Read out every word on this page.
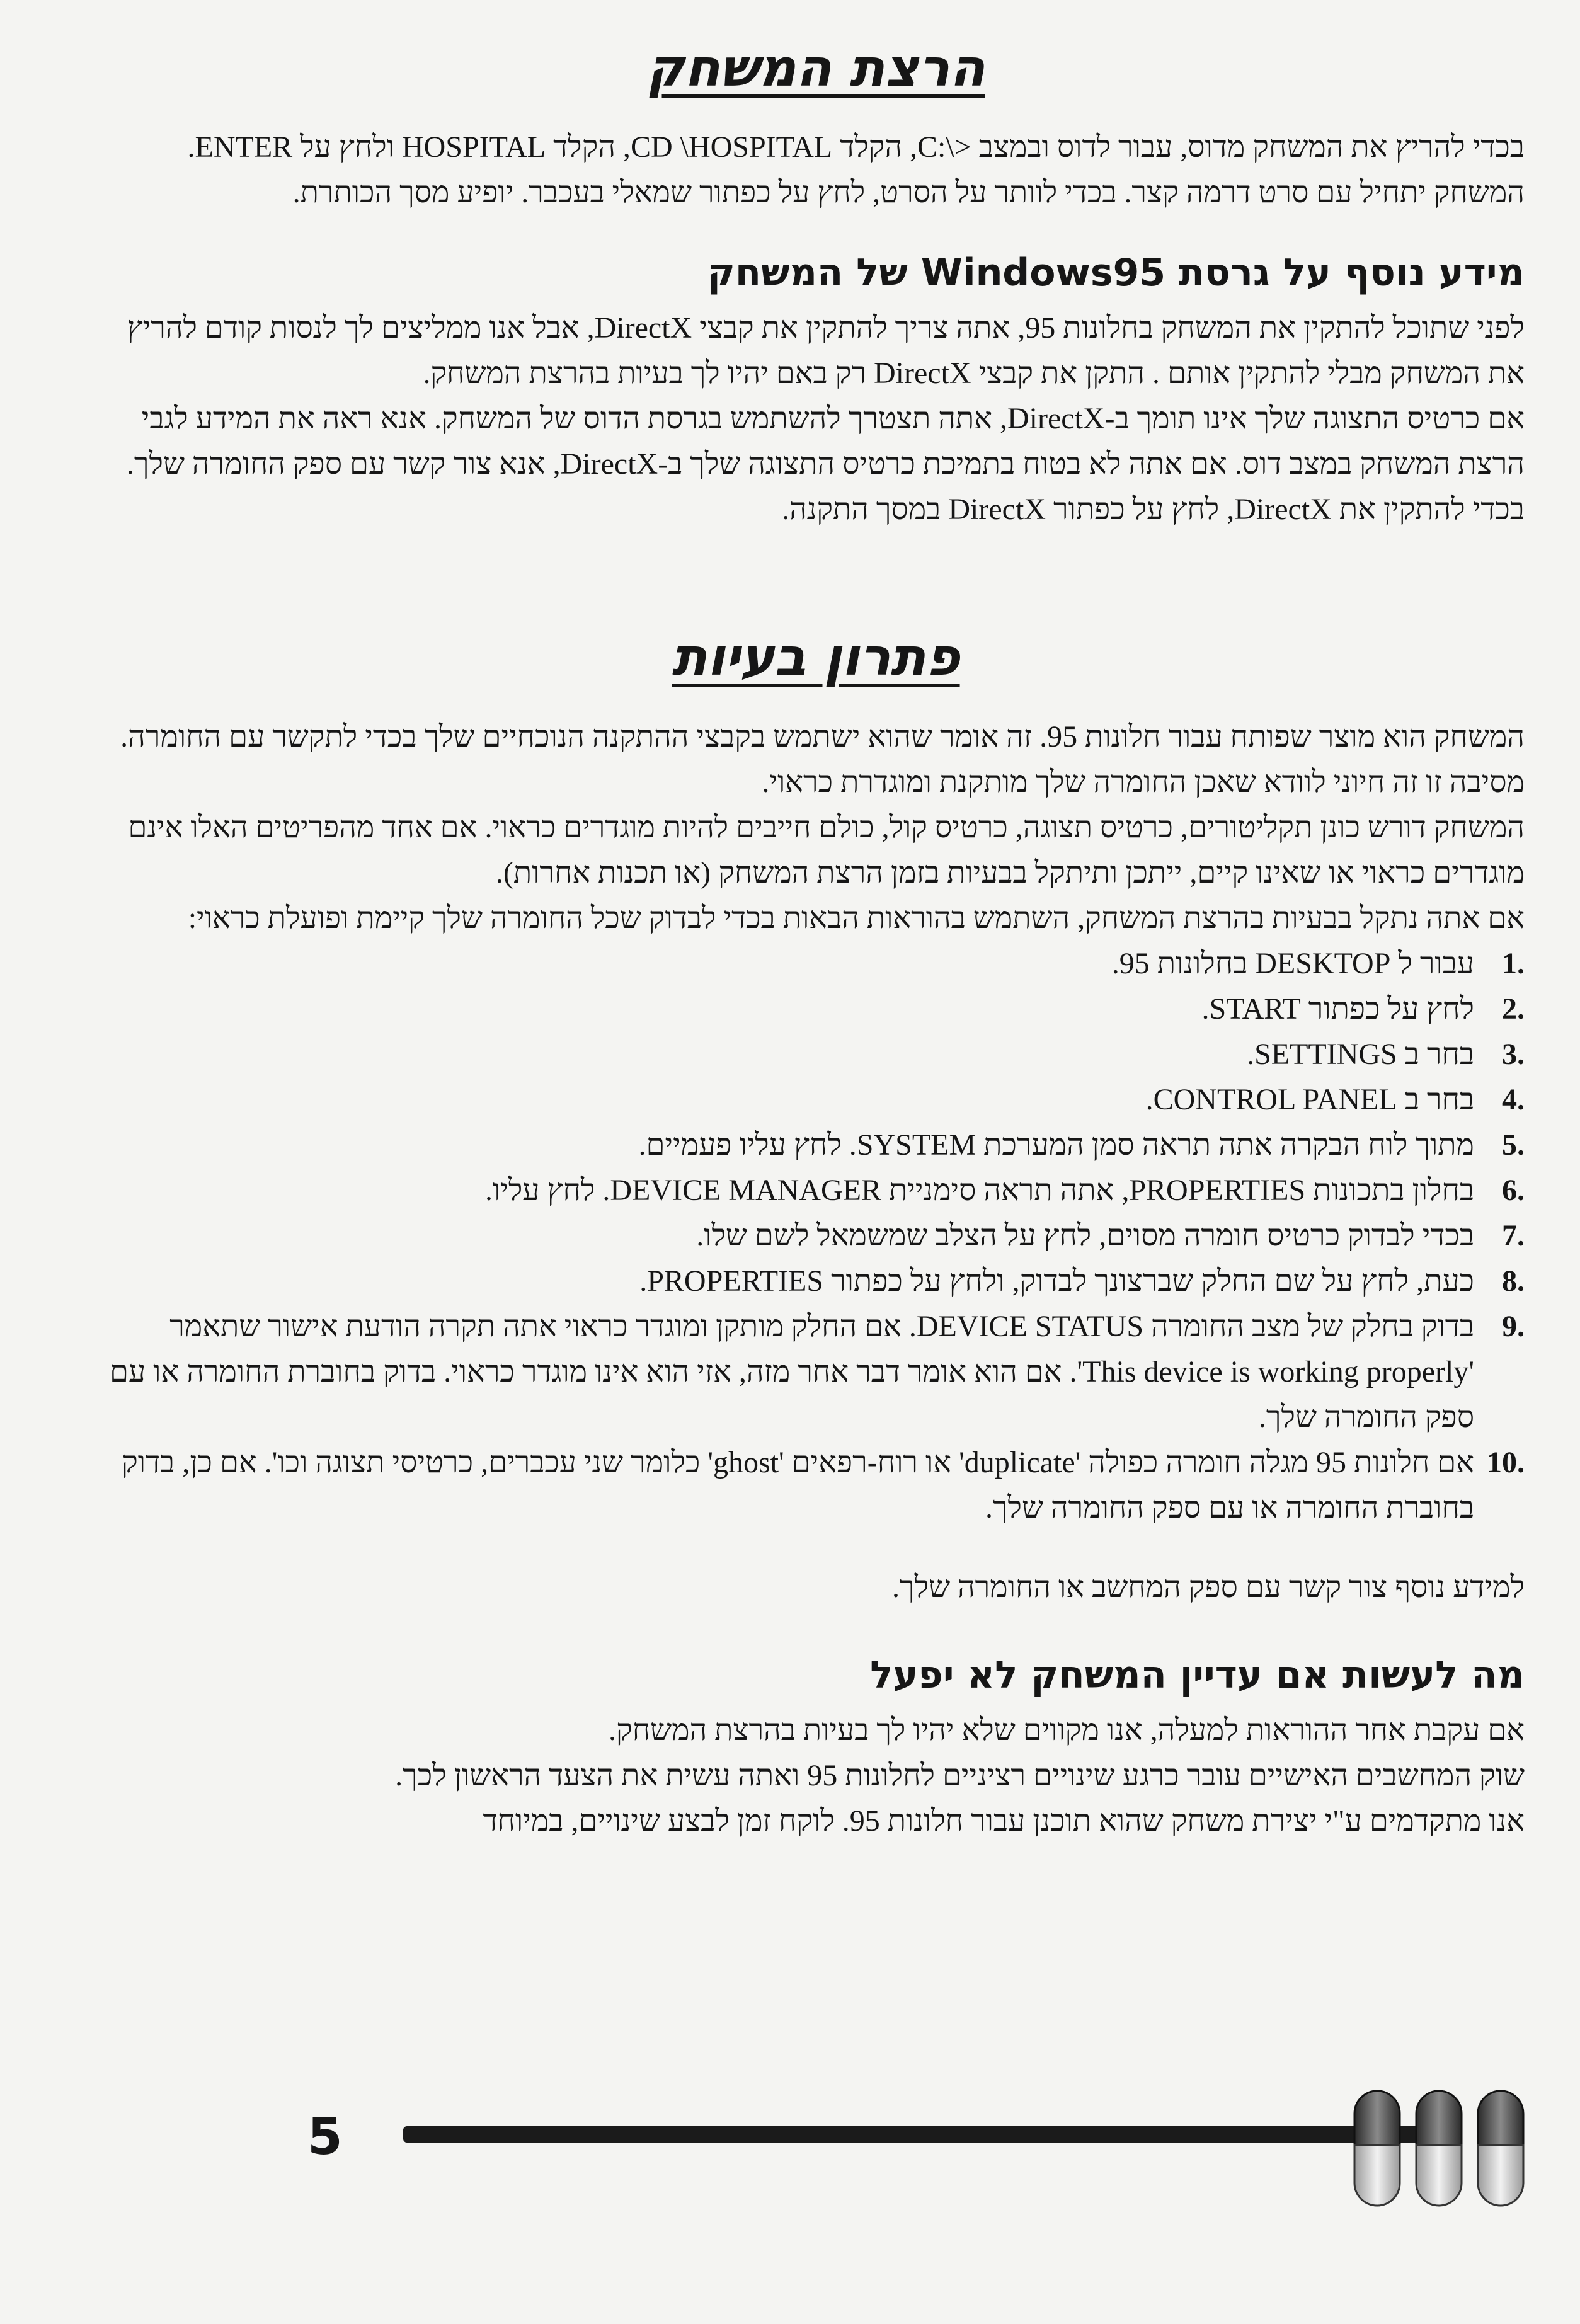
הרצת המשחק

בכדי להריץ את המשחק מדוס, עבור לדוס ובמצב <\:C, הקלד CD \HOSPITAL, הקלד HOSPITAL ולחץ על ENTER. המשחק יתחיל עם סרט דרמה קצר. בכדי לוותר על הסרט, לחץ על כפתור שמאלי בעכבר. יופיע מסך הכותרת.

מידע נוסף על גרסת Windows95 של המשחק

לפני שתוכל להתקין את המשחק בחלונות 95, אתה צריך להתקין את קבצי DirectX, אבל אנו ממליצים לך לנסות קודם להריץ את המשחק מבלי להתקין אותם . התקן את קבצי DirectX רק באם יהיו לך בעיות בהרצת המשחק.

אם כרטיס התצוגה שלך אינו תומך ב-DirectX, אתה תצטרך להשתמש בגרסת הדוס של המשחק. אנא ראה את המידע לגבי הרצת המשחק במצב דוס. אם אתה לא בטוח בתמיכת כרטיס התצוגה שלך ב-DirectX, אנא צור קשר עם ספק החומרה שלך.

בכדי להתקין את DirectX, לחץ על כפתור DirectX במסך התקנה.

פתרון בעיות

המשחק הוא מוצר שפותח עבור חלונות 95. זה אומר שהוא ישתמש בקבצי ההתקנה הנוכחיים שלך בכדי לתקשר עם החומרה. מסיבה זו זה חיוני לוודא שאכן החומרה שלך מותקנת ומוגדרת כראוי.

המשחק דורש כונן תקליטורים, כרטיס תצוגה, כרטיס קול, כולם חייבים להיות מוגדרים כראוי. אם אחד מהפריטים האלו אינם מוגדרים כראוי או שאינו קיים, ייתכן ותיתקל בבעיות בזמן הרצת המשחק (או תכנות אחרות).

אם אתה נתקל בבעיות בהרצת המשחק, השתמש בהוראות הבאות בכדי לבדוק שכל החומרה שלך קיימת ופועלת כראוי:

.1
עבור ל DESKTOP בחלונות 95.
.2
לחץ על כפתור START.
.3
בחר ב SETTINGS.
.4
בחר ב CONTROL PANEL.
.5
מתוך לוח הבקרה אתה תראה סמן המערכת SYSTEM. לחץ עליו פעמיים.
.6
בחלון בתכונות PROPERTIES, אתה תראה סימניית DEVICE MANAGER. לחץ עליו.
.7
בכדי לבדוק כרטיס חומרה מסוים, לחץ על הצלב שמשמאל לשם שלו.
.8
כעת, לחץ על שם החלק שברצונך לבדוק, ולחץ על כפתור PROPERTIES.
.9
בדוק בחלק של מצב החומרה DEVICE STATUS. אם החלק מותקן ומוגדר כראוי אתה תקרה הודעת אישור שתאמר 'This device is working properly'. אם הוא אומר דבר אחר מזה, אזי הוא אינו מוגדר כראוי. בדוק בחוברת החומרה או עם ספק החומרה שלך.
.10
אם חלונות 95 מגלה חומרה כפולה 'duplicate' או רוח-רפאים 'ghost' כלומר שני עכברים, כרטיסי תצוגה וכו'. אם כן, בדוק בחוברת החומרה או עם ספק החומרה שלך.

למידע נוסף צור קשר עם ספק המחשב או החומרה שלך.

מה לעשות אם עדיין המשחק לא יפעל

אם עקבת אחר ההוראות למעלה, אנו מקווים שלא יהיו לך בעיות בהרצת המשחק.

שוק המחשבים האישיים עובר כרגע שינויים רציניים לחלונות 95 ואתה עשית את הצעד הראשון לכך.

אנו מתקדמים ע"י יצירת משחק שהוא תוכנן עבור חלונות 95. לוקח זמן לבצע שינויים, במיוחד

5
